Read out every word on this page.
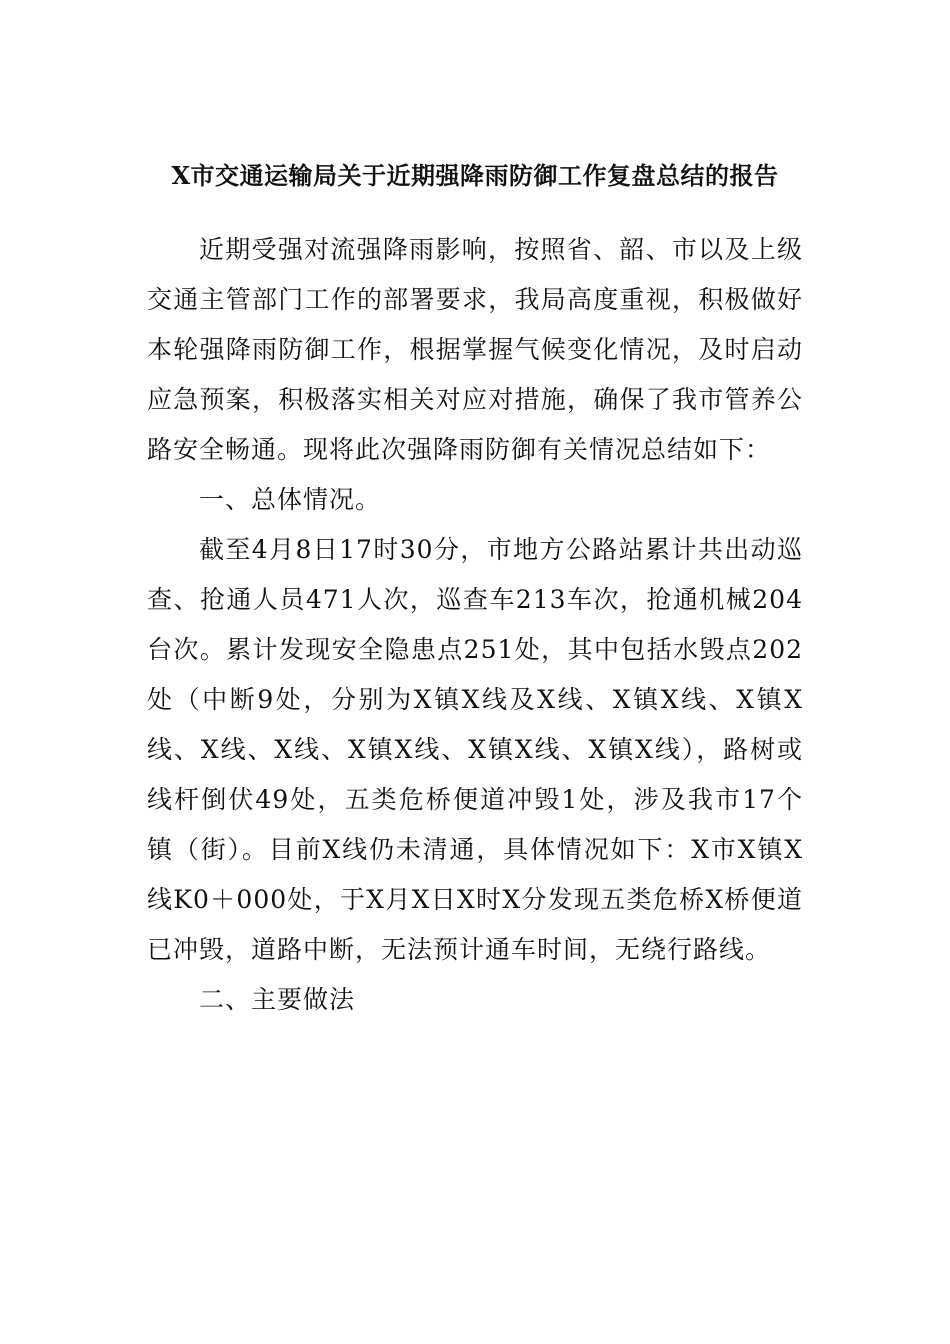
X市交通运输局关于近期强降雨防御工作复盘总结的报告

近期受强对流强降雨影响，按照省、韶、市以及上级交通主管部门工作的部署要求，我局高度重视，积极做好本轮强降雨防御工作，根据掌握气候变化情况，及时启动应急预案，积极落实相关对应对措施，确保了我市管养公路安全畅通。现将此次强降雨防御有关情况总结如下：

一、总体情况。

截至4月8日17时30分，市地方公路站累计共出动巡查、抢通人员471人次，巡查车213车次，抢通机械204台次。累计发现安全隐患点251处，其中包括水毁点202处（中断9处，分别为X镇X线及X线、X镇X线、X镇X线、X线、X线、X镇X线、X镇X线、X镇X线），路树或线杆倒伏49处，五类危桥便道冲毁1处，涉及我市17个镇（街）。目前X线仍未清通，具体情况如下：X市X镇X线K0＋000处，于X月X日X时X分发现五类危桥X桥便道已冲毁，道路中断，无法预计通车时间，无绕行路线。

二、主要做法
